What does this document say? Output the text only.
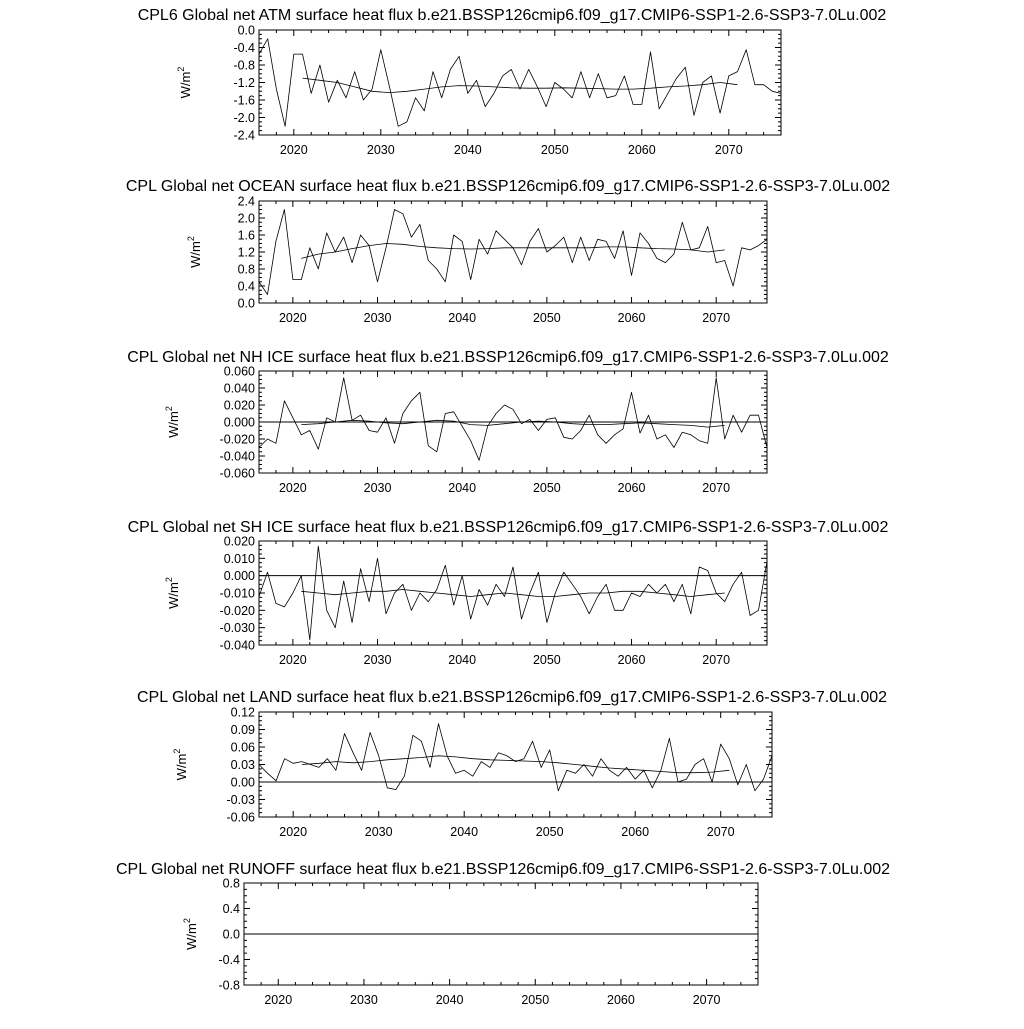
CPL6 Global net ATM surface heat flux b.e21.BSSP126cmip6.f09_g17.CMIP6-SSP1-2.6-SSP3-7.0Lu.002
-2.4
-2.0
-1.6
-1.2
-0.8
-0.4
0.0
2020	2030	2040	2050	2060	2070
$W/m^2$
CPL Global net OCEAN surface heat flux b.e21.BSSP126cmip6.f09_g17.CMIP6-SSP1-2.6-SSP3-7.0Lu.002
0.0
0.4
0.8
1.2
1.6
2.0
2.4
2020	2030	2040	2050	2060	2070
$W/m^2$
CPL Global net NH ICE surface heat flux b.e21.BSSP126cmip6.f09_g17.CMIP6-SSP1-2.6-SSP3-7.0Lu.002
-0.060
-0.040
-0.020
0.000
0.020
0.040
0.060
2020	2030	2040	2050	2060	2070
$W/m^2$
CPL Global net SH ICE surface heat flux b.e21.BSSP126cmip6.f09_g17.CMIP6-SSP1-2.6-SSP3-7.0Lu.002
-0.040
-0.030
-0.020
-0.010
0.000
0.010
0.020
2020	2030	2040	2050	2060	2070
$W/m^2$
CPL Global net LAND surface heat flux b.e21.BSSP126cmip6.f09_g17.CMIP6-SSP1-2.6-SSP3-7.0Lu.002
-0.06
-0.03
0.00
0.03
0.06
0.09
0.12
2020	2030	2040	2050	2060	2070
$W/m^2$
CPL Global net RUNOFF surface heat flux b.e21.BSSP126cmip6.f09_g17.CMIP6-SSP1-2.6-SSP3-7.0Lu.002
-0.8
-0.4
0.0
0.4
0.8
2020	2030	2040	2050	2060	2070
$W/m^2$
